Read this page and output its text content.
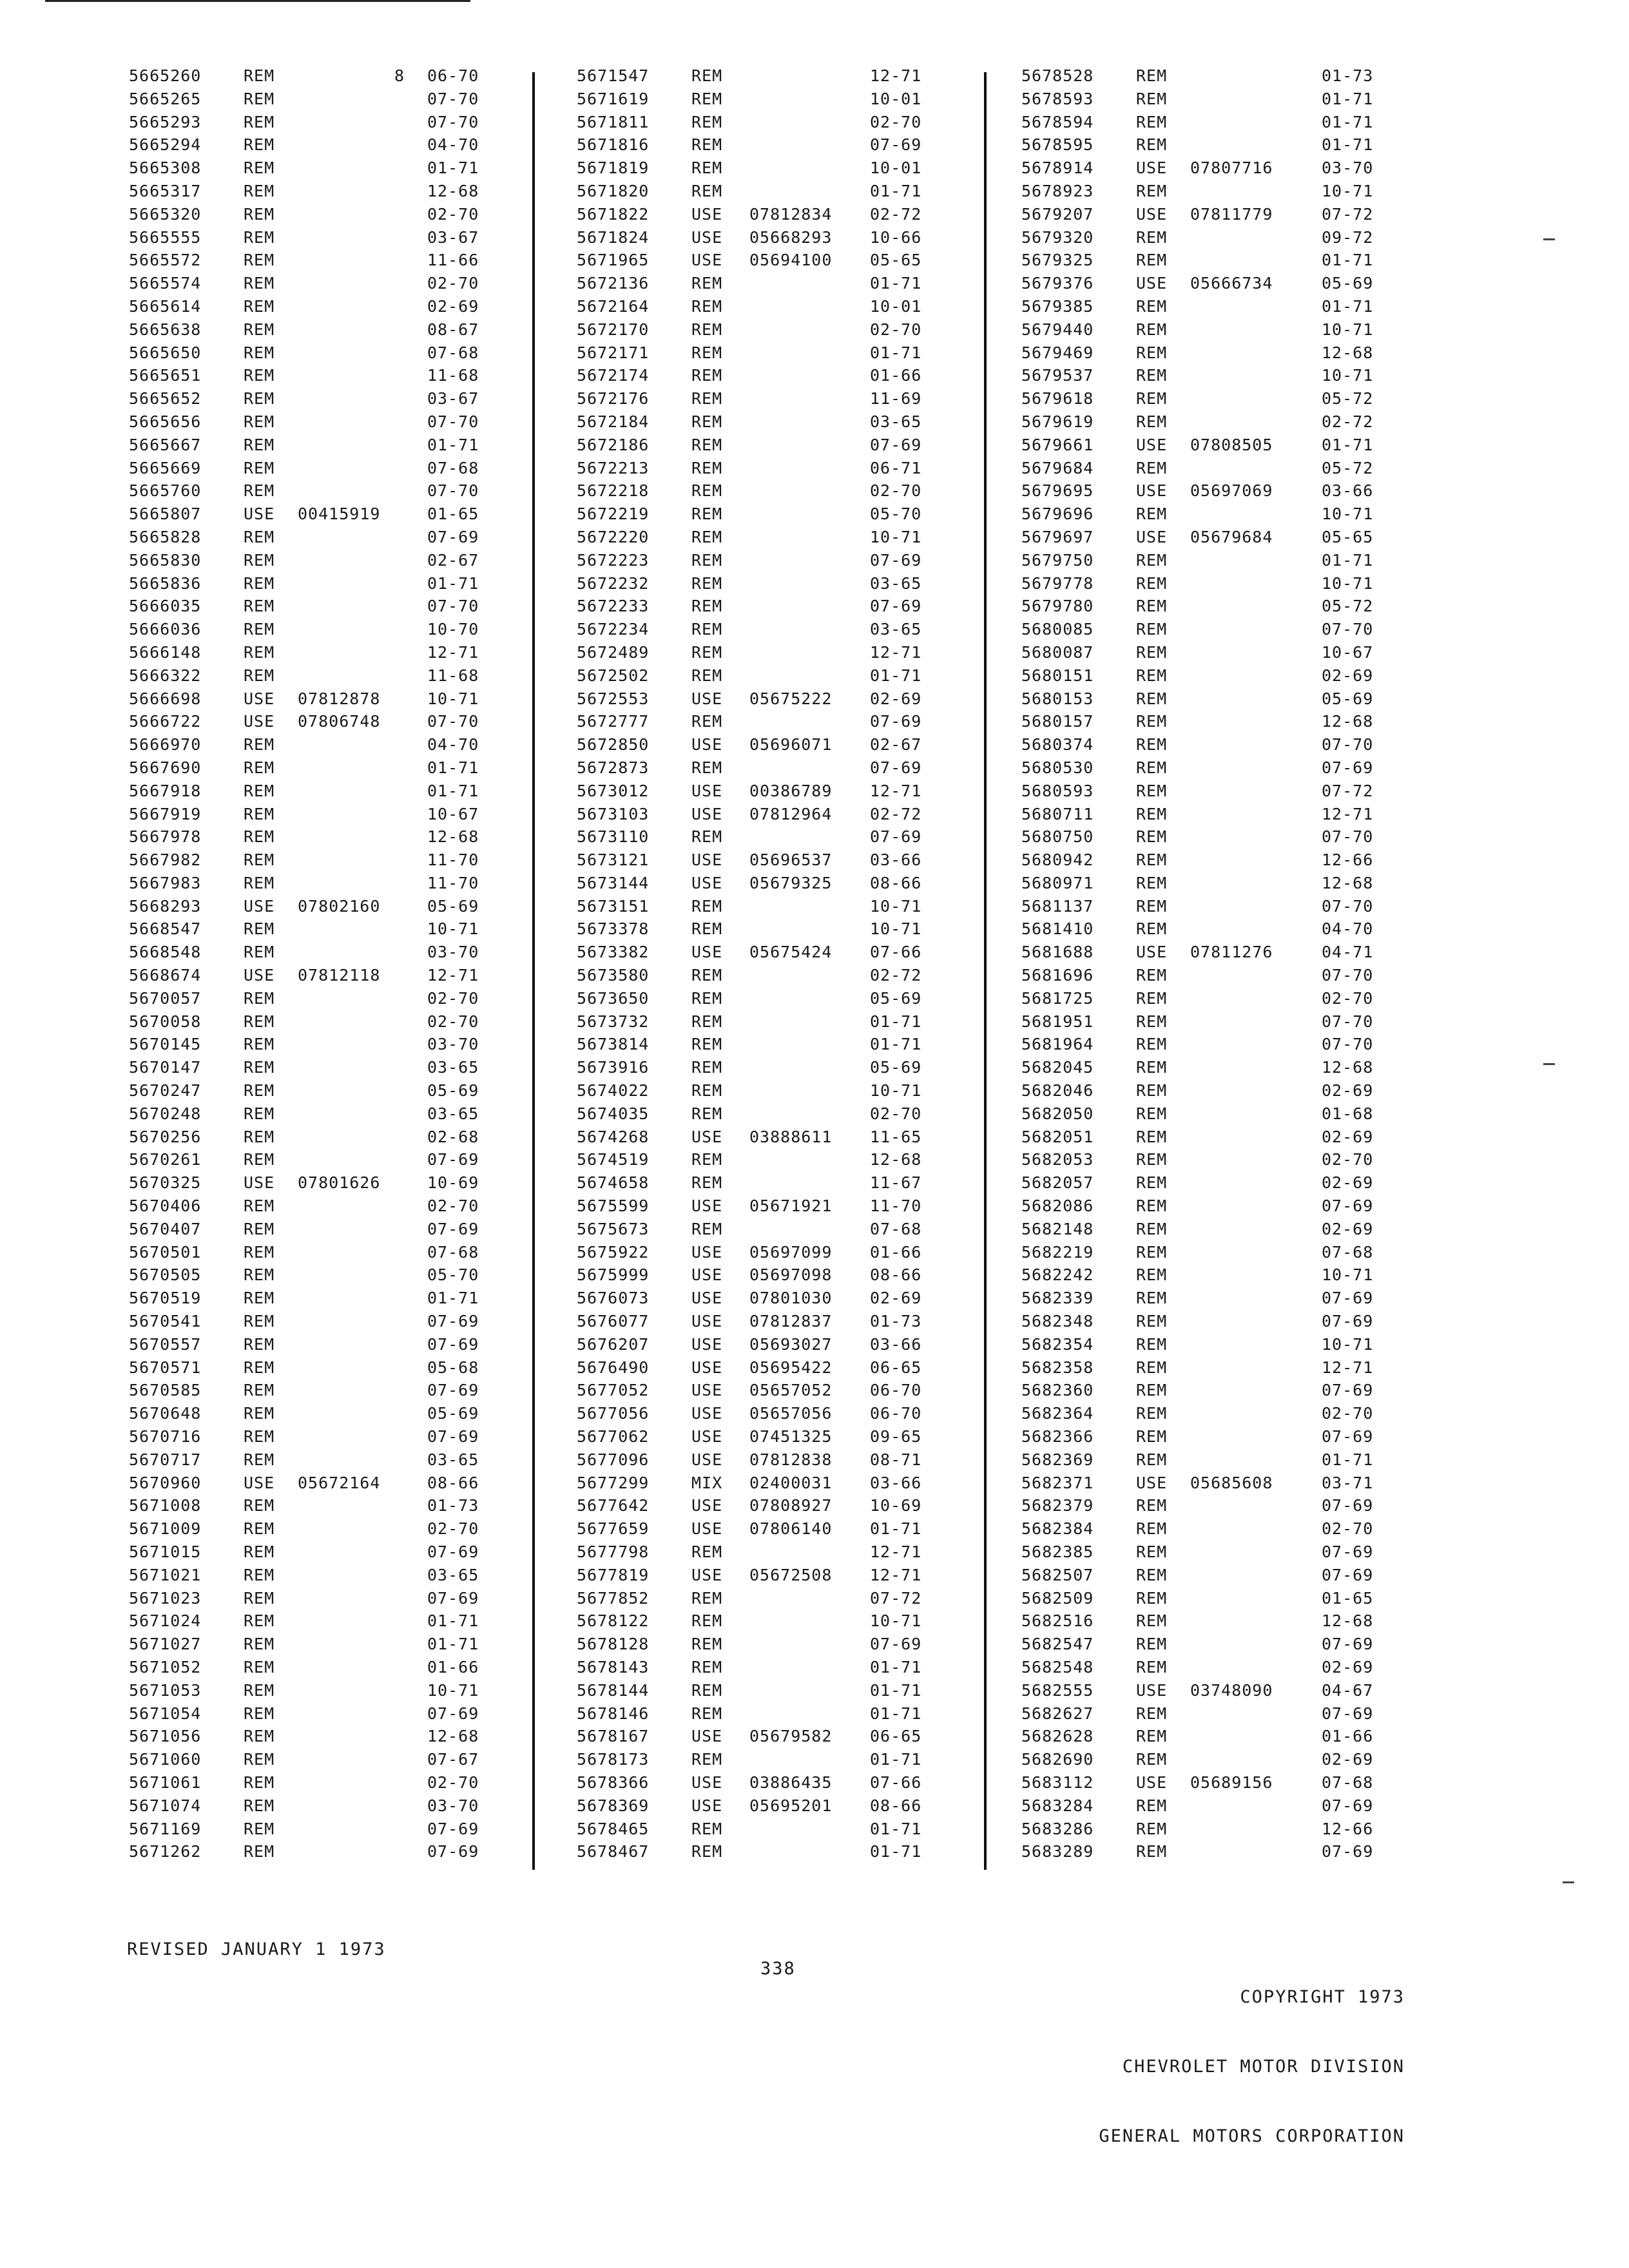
5665260	REM	8 06-70
5665265	REM	07-70
5665293	REM	07-70
5665294	REM	04-70
5665308	REM	01-71
5665317	REM	12-68
5665320	REM	02-70
5665555	REM	03-67
5665572	REM	11-66
5665574	REM	02-70
5665614	REM	02-69
5665638	REM	08-67
5665650	REM	07-68
5665651	REM	11-68
5665652	REM	03-67
5665656	REM	07-70
5665667	REM	01-71
5665669	REM	07-68
5665760	REM	07-70
5665807	USE 00415919	01-65
5665828	REM	07-69
5665830	REM	02-67
5665836	REM	01-71
5666035	REM	07-70
5666036	REM	10-70
5666148	REM	12-71
5666322	REM	11-68
5666698	USE 07812878	10-71
5666722	USE 07806748	07-70
5666970	REM	04-70
5667690	REM	01-71
5667918	REM	01-71
5667919	REM	10-67
5667978	REM	12-68
5667982	REM	11-70
5667983	REM	11-70
5668293	USE 07802160	05-69
5668547	REM	10-71
5668548	REM	03-70
5668674	USE 07812118	12-71
5670057	REM	02-70
5670058	REM	02-70
5670145	REM	03-70
5670147	REM	03-65
5670247	REM	05-69
5670248	REM	03-65
5670256	REM	02-68
5670261	REM	07-69
5670325	USE 07801626	10-69
5670406	REM	02-70
5670407	REM	07-69
5670501	REM	07-68
5670505	REM	05-70
5670519	REM	01-71
5670541	REM	07-69
5670557	REM	07-69
5670571	REM	05-68
5670585	REM	07-69
5670648	REM	05-69
5670716	REM	07-69
5670717	REM	03-65
5670960	USE 05672164	08-66
5671008	REM	01-73
5671009	REM	02-70
5671015	REM	07-69
5671021	REM	03-65
5671023	REM	07-69
5671024	REM	01-71
5671027	REM	01-71
5671052	REM	01-66
5671053	REM	10-71
5671054	REM	07-69
5671056	REM	12-68
5671060	REM	07-67
5671061	REM	02-70
5671074	REM	03-70
5671169	REM	07-69
5671262	REM	07-69
5671547	REM	12-71
5671619	REM	10-01
5671811	REM	02-70
5671816	REM	07-69
5671819	REM	10-01
5671820	REM	01-71
5671822	USE 07812834 02-72
5671824	USE 05668293 10-66
5671965	USE 05694100 05-65
5672136	REM	01-71
5672164	REM	10-01
5672170	REM	02-70
5672171	REM	01-71
5672174	REM	01-66
5672176	REM	11-69
5672184	REM	03-65
5672186	REM	07-69
5672213	REM	06-71
5672218	REM	02-70
5672219	REM	05-70
5672220	REM	10-71
5672223	REM	07-69
5672232	REM	03-65
5672233	REM	07-69
5672234	REM	03-65
5672489	REM	12-71
5672502	REM	01-71
5672553	USE 05675222 02-69
5672777	REM	07-69
5672850	USE 05696071 02-67
5672873	REM	07-69
5673012	USE 00386789 12-71
5673103	USE 07812964 02-72
5673110	REM	07-69
5673121	USE 05696537 03-66
5673144	USE 05679325 08-66
5673151	REM	10-71
5673378	REM	10-71
5673382	USE 05675424 07-66
5673580	REM	02-72
5673650	REM	05-69
5673732	REM	01-71
5673814	REM	01-71
5673916	REM	05-69
5674022	REM	10-71
5674035	REM	02-70
5674268	USE 03888611 11-65
5674519	REM	12-68
5674658	REM	11-67
5675599	USE 05671921 11-70
5675673	REM	07-68
5675922	USE 05697099 01-66
5675999	USE 05697098 08-66
5676073	USE 07801030 02-69
5676077	USE 07812837 01-73
5676207	USE 05693027 03-66
5676490	USE 05695422 06-65
5677052	USE 05657052 06-70
5677056	USE 05657056 06-70
5677062	USE 07451325 09-65
5677096	USE 07812838 08-71
5677299	MIX 02400031 03-66
5677642	USE 07808927 10-69
5677659	USE 07806140 01-71
5677798	REM	12-71
5677819	USE 05672508 12-71
5677852	REM	07-72
5678122	REM	10-71
5678128	REM	07-69
5678143	REM	01-71
5678144	REM	01-71
5678146	REM	01-71
5678167	USE 05679582 06-65
5678173	REM	01-71
5678366	USE 03886435 07-66
5678369	USE 05695201 08-66
5678465	REM	01-71
5678467	REM	01-71
5678528	REM	01-73
5678593	REM	01-71
5678594	REM	01-71
5678595	REM	01-71
5678914	USE 07807716	03-70
5678923	REM	10-71
5679207	USE 07811779	07-72
5679320	REM	09-72
5679325	REM	01-71
5679376	USE 05666734	05-69
5679385	REM	01-71
5679440	REM	10-71
5679469	REM	12-68
5679537	REM	10-71
5679618	REM	05-72
5679619	REM	02-72
5679661	USE 07808505	01-71
5679684	REM	05-72
5679695	USE 05697069	03-66
5679696	REM	10-71
5679697	USE 05679684	05-65
5679750	REM	01-71
5679778	REM	10-71
5679780	REM	05-72
5680085	REM	07-70
5680087	REM	10-67
5680151	REM	02-69
5680153	REM	05-69
5680157	REM	12-68
5680374	REM	07-70
5680530	REM	07-69
5680593	REM	07-72
5680711	REM	12-71
5680750	REM	07-70
5680942	REM	12-66
5680971	REM	12-68
5681137	REM	07-70
5681410	REM	04-70
5681688	USE 07811276	04-71
5681696	REM	07-70
5681725	REM	02-70
5681951	REM	07-70
5681964	REM	07-70
5682045	REM	12-68
5682046	REM	02-69
5682050	REM	01-68
5682051	REM	02-69
5682053	REM	02-70
5682057	REM	02-69
5682086	REM	07-69
5682148	REM	02-69
5682219	REM	07-68
5682242	REM	10-71
5682339	REM	07-69
5682348	REM	07-69
5682354	REM	10-71
5682358	REM	12-71
5682360	REM	07-69
5682364	REM	02-70
5682366	REM	07-69
5682369	REM	01-71
5682371	USE 05685608	03-71
5682379	REM	07-69
5682384	REM	02-70
5682385	REM	07-69
5682507	REM	07-69
5682509	REM	01-65
5682516	REM	12-68
5682547	REM	07-69
5682548	REM	02-69
5682555	USE 03748090	04-67
5682627	REM	07-69
5682628	REM	01-66
5682690	REM	02-69
5683112	USE 05689156	07-68
5683284	REM	07-69
5683286	REM	12-66
5683289	REM	07-69
REVISED JANUARY 1 1973
338

COPYRIGHT 1973

CHEVROLET MOTOR DIVISION

GENERAL MOTORS CORPORATION
